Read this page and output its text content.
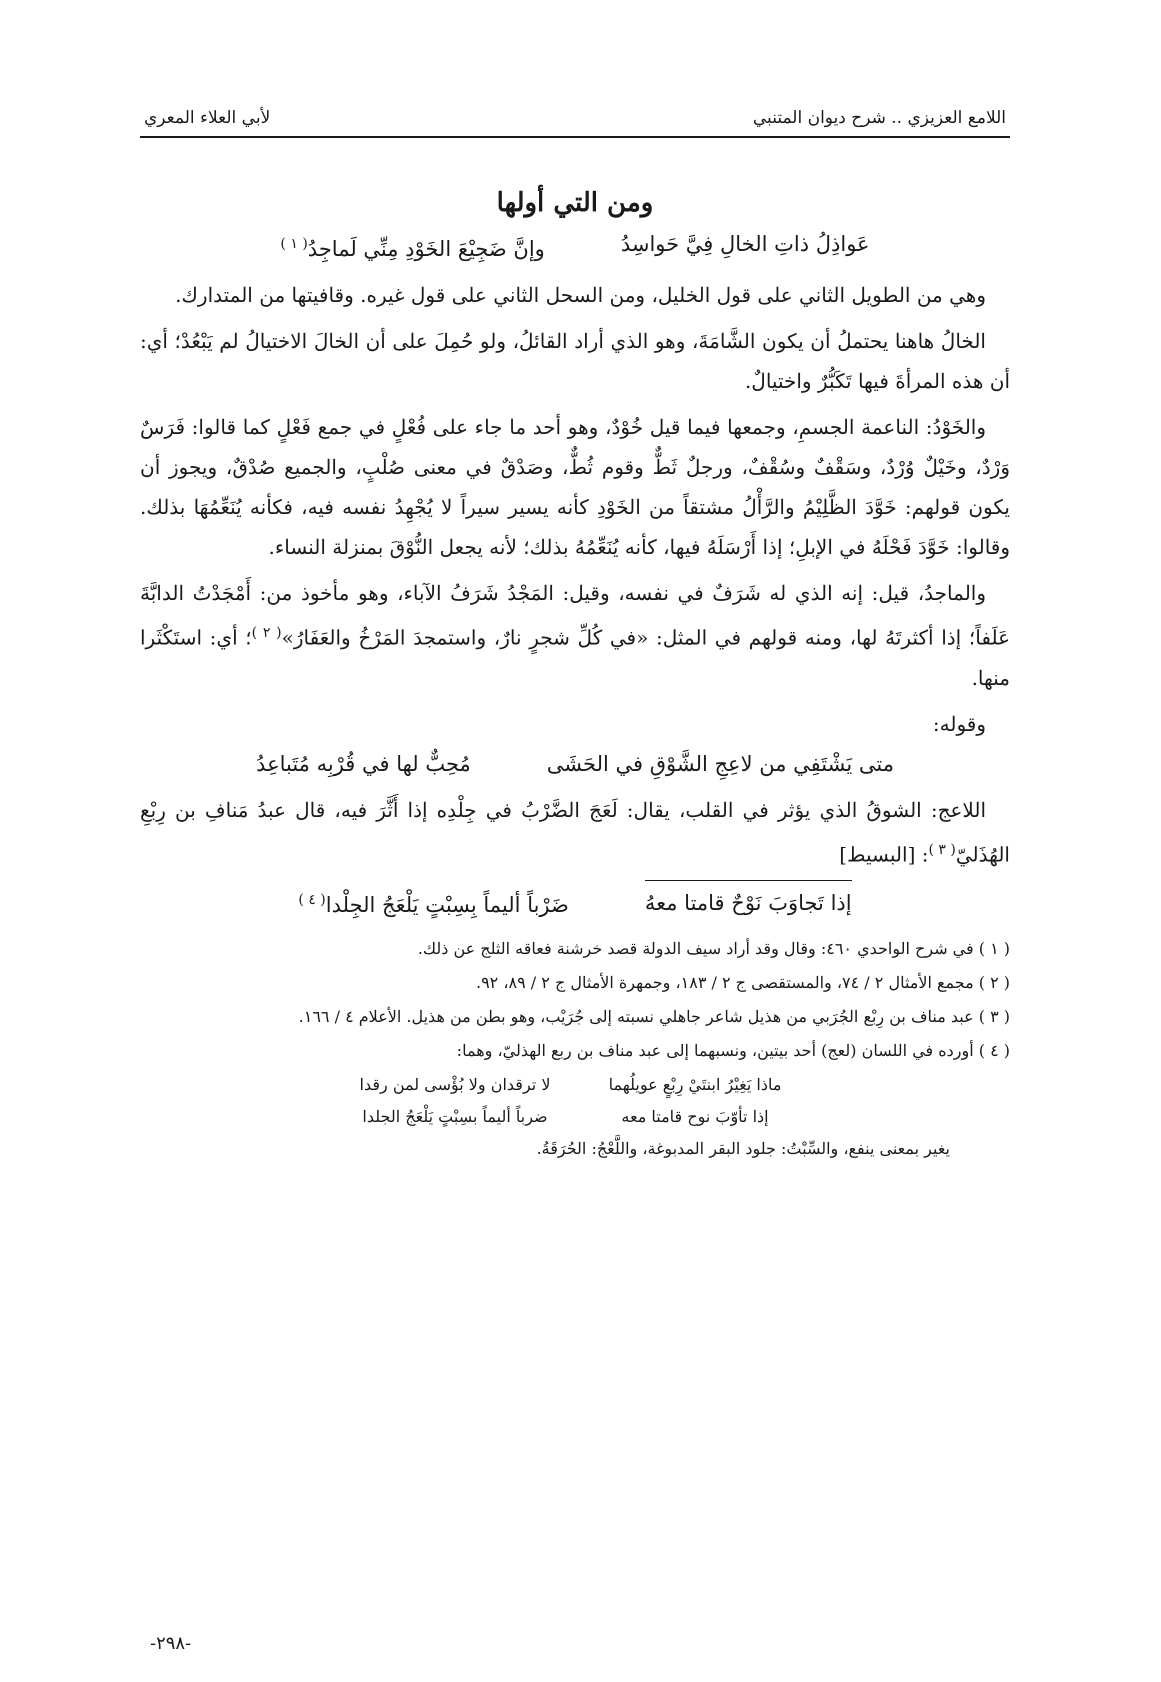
اللامع العزيزي .. شرح ديوان المتنبي
لأبي العلاء المعري
ومن التي أولها
عَواذِلُ ذاتِ الخالِ فِيَّ حَواسِدُ
وإنَّ ضَجِيْعَ الخَوْدِ مِنِّي لَماجِدُ$^{( ١ )}$

وهي من الطويل الثاني على قول الخليل، ومن السحل الثاني على قول غيره. وقافيتها من المتدارك.

الخالُ هاهنا يحتملُ أن يكون الشَّامَةَ، وهو الذي أراد القائلُ، ولو حُمِلَ على أن الخالَ الاختيالُ لم يَبْعُدْ؛ أي: أن هذه المرأةَ فيها تَكَبُّرٌ واختيالٌ.

والخَوْدُ: الناعمة الجسمِ، وجمعها فيما قيل خُوْدٌ، وهو أحد ما جاء على فُعْلٍ في جمع فَعْلٍ كما قالوا: فَرَسٌ وَرْدٌ، وخَيْلٌ وُرْدٌ، وسَقْفٌ وسُقْفٌ، ورجلٌ ثَطٌّ وقوم ثُطٌّ، وصَدْقٌ في معنى صُلْبٍ، والجميع صُدْقٌ، ويجوز أن يكون قولهم: خَوَّدَ الظَّلِيْمُ والرَّأْلُ مشتقاً من الخَوْدِ كأنه يسير سيراً لا يُجْهِدُ نفسه فيه، فكأنه يُنَعِّمُهَا بذلك. وقالوا: خَوَّدَ فَحْلَهُ في الإبلِ؛ إذا أَرْسَلَهُ فيها، كأنه يُنَعِّمُهُ بذلك؛ لأنه يجعل النُّوْقَ بمنزلة النساء.

والماجدُ، قيل: إنه الذي له شَرَفٌ في نفسه، وقيل: المَجْدُ شَرَفُ الآباء، وهو مأخوذ من: أَمْجَدْتُ الدابَّةَ عَلَفاً؛ إذا أكثرتَهُ لها، ومنه قولهم في المثل: «في كُلِّ شجرٍ نارٌ، واستمجدَ المَرْخُ والعَفَارُ»$^{( ٢ )}$؛ أي: استَكْثَرا منها.

وقوله:
متى يَشْتَفِي من لاعِجِ الشَّوْقِ في الحَشَى
مُحِبٌّ لها في قُرْبِه مُتَباعِدُ

اللاعج: الشوقُ الذي يؤثر في القلب، يقال: لَعَجَ الضَّرْبُ في جِلْدِه إذا أَثَّرَ فيه، قال عبدُ مَنافِ بن رِبْعِ الهُذَليّ$^{( ٣ )}$: [البسيط]

إذا تَجاوَبَ نَوْحٌ قامتا معهُ
ضَرْباً أليماً بِسِبْتٍ يَلْعَجُ الجِلْدا$^{( ٤ )}$
( ١ ) في شرح الواحدي ٤٦٠: وقال وقد أراد سيف الدولة قصد خرشنة فعاقه الثلج عن ذلك.
( ٢ ) مجمع الأمثال ٢ / ٧٤، والمستقصى ج ٢ / ١٨٣، وجمهرة الأمثال ج ٢ / ٨٩، ٩٢.
( ٣ ) عبد مناف بن رِبْع الجُرَبي من هذيل شاعر جاهلي نسبته إلى جُرَيْب، وهو بطن من هذيل. الأعلام ٤ / ١٦٦.
( ٤ ) أورده في اللسان (لعج) أحد بيتين، ونسبهما إلى عبد مناف بن ربع الهذليّ، وهما:
ماذا يَغِيْرُ ابنتَيْ رِبْعٍ عويلُهما
لا ترقدان ولا بُؤْسى لمن رقدا
إذا تأوّبَ نوح قامتا معه
ضرباً أليماً بسِبْتٍ يَلْعَجُ الجلدا
يغير بمعنى ينفع، والسِّبْتُ: جلود البقر المدبوغة، واللَّعْجُ: الحُرَقَةُ.
-٢٩٨-
